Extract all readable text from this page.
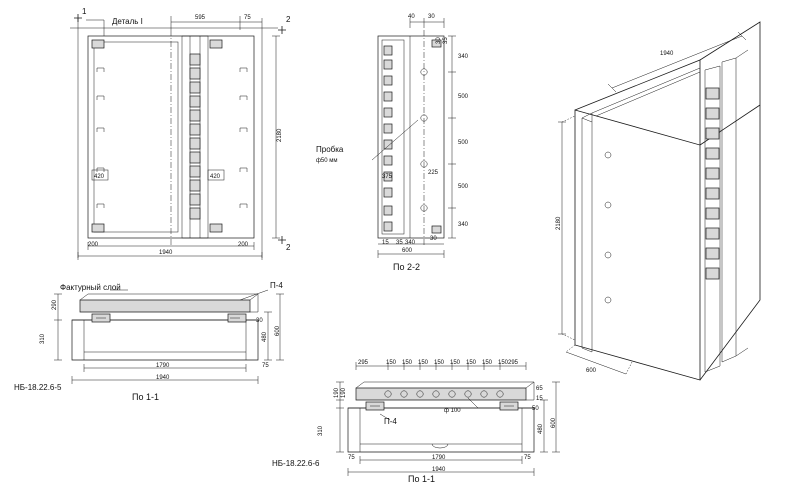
1
Деталь I	595	75	2
2
2180
420	420
200	200
1940
Пробка
ф50 мм
40 30
340
500
500
500
340
35
30
375
225
340
15 35
30
600
По 2-2
1940
2180
600
Фактурный слой	П-4
290
310	480
600
30
1790
1940
75
НБ-18.22.6-5
По 1-1
П-4
ф 100
295	150 150 150 150 150 150 150 150 295
190
190
310	480
600
65
15
50
1790
1940
75	75
НБ-18.22.6-6
По 1-1
